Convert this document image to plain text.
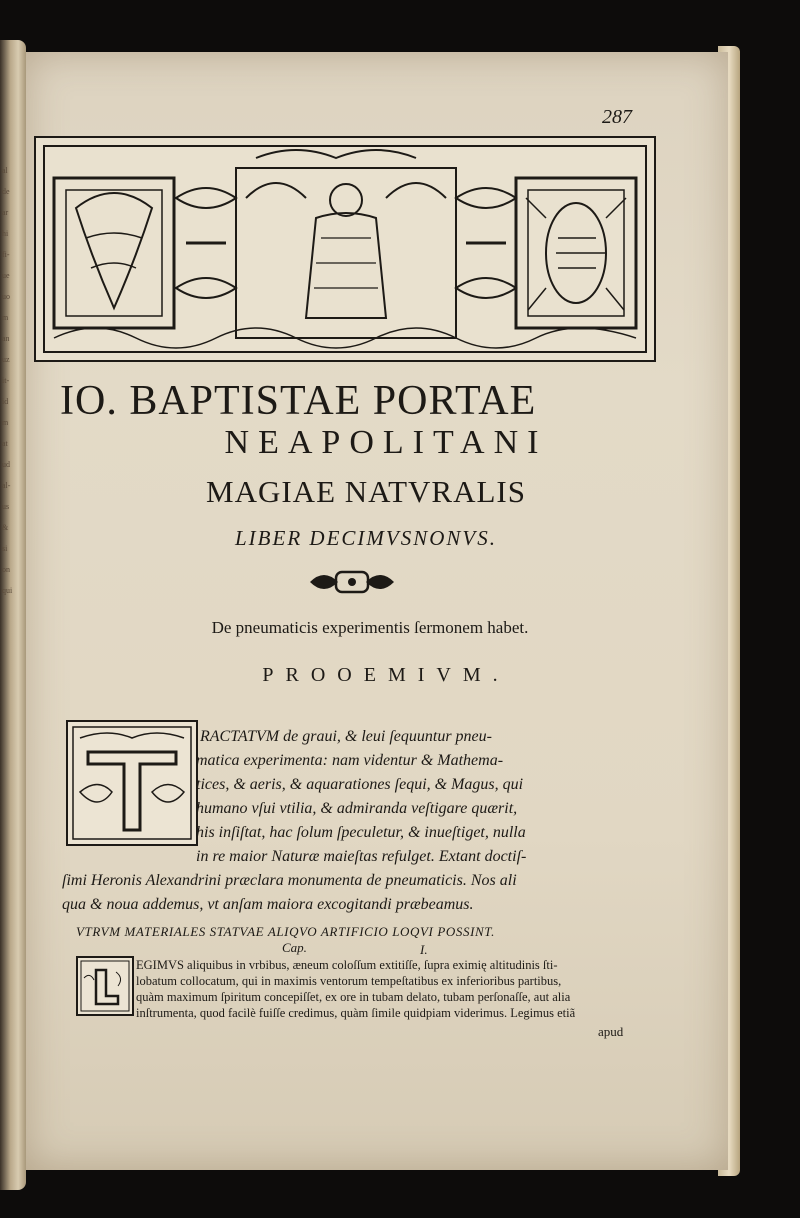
al
de
ar
hi
fi-
ue
uo
m
an
uz
it-
id
m
at
ud
al-
us
&
si
on
qui
287
IO. BAPTISTAE PORTAE
NEAPOLITANI
MAGIAE NATVRALIS
LIBER DECIMVSNONVS.
De pneumaticis experimentis ſermonem habet.
PROOEMIVM.
RACTATVM de graui, & leui ſequuntur pneu-
matica experimenta: nam videntur & Mathema-
tices, & aeris, & aquarationes ſequi, & Magus, qui
humano vſui vtilia, & admiranda veſtigare quærit,
his inſiſtat, hac ſolum ſpeculetur, & inueſtiget, nulla
in re maior Naturæ maieſtas refulget. Extant doctiſ-
ſimi Heronis Alexandrini præclara monumenta de pneumaticis. Nos ali
qua & noua addemus, vt anſam maiora excogitandi præbeamus.
VTRVM MATERIALES STATVAE ALIQVO ARTIFICIO LOQVI POSSINT.
Cap.	I.
EGIMVS aliquibus in vrbibus, æneum coloſſum extitiſſe, ſupra eximię altitudinis ſti-
lobatum collocatum, qui in maximis ventorum tempeſtatibus ex inferioribus partibus,
quàm maximum ſpiritum concepiſſet, ex ore in tubam delato, tubam perſonaſſe, aut alia
inſtrumenta, quod facilè fuiſſe credimus, quàm ſimile quidpiam viderimus. Legimus etiã
apud
